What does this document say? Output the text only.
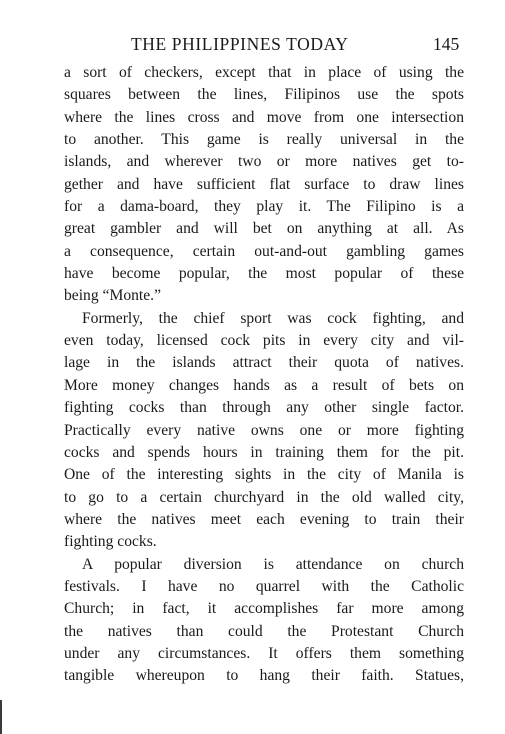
THE PHILIPPINES TODAY	145
a sort of checkers, except that in place of using the
squares between the lines, Filipinos use the spots
where the lines cross and move from one intersection
to another. This game is really universal in the
islands, and wherever two or more natives get to-
gether and have sufficient flat surface to draw lines
for a dama-board, they play it. The Filipino is a
great gambler and will bet on anything at all. As
a consequence, certain out-and-out gambling games
have become popular, the most popular of these
being “Monte.”
Formerly, the chief sport was cock fighting, and
even today, licensed cock pits in every city and vil-
lage in the islands attract their quota of natives.
More money changes hands as a result of bets on
fighting cocks than through any other single factor.
Practically every native owns one or more fighting
cocks and spends hours in training them for the pit.
One of the interesting sights in the city of Manila is
to go to a certain churchyard in the old walled city,
where the natives meet each evening to train their
fighting cocks.
A popular diversion is attendance on church
festivals. I have no quarrel with the Catholic
Church; in fact, it accomplishes far more among
the natives than could the Protestant Church
under any circumstances. It offers them something
tangible whereupon to hang their faith. Statues,
